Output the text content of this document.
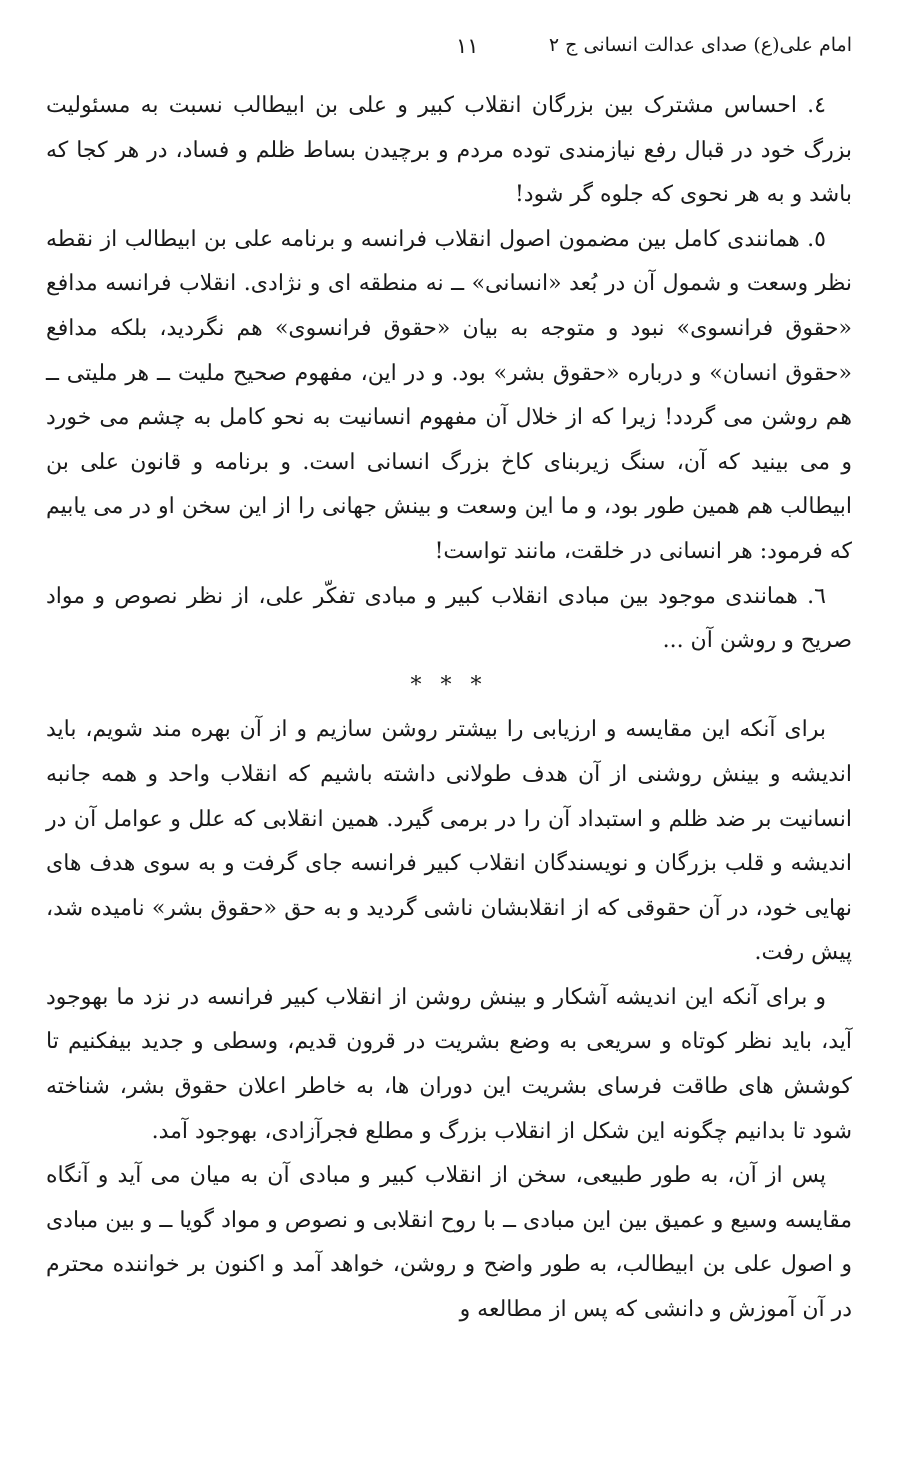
امام علی(ع) صدای عدالت انسانی ج ۲
۱۱

٤. احساس مشترک بین بزرگان انقلاب کبیر و علی بن ابیطالب نسبت به مسئولیت بزرگ خود در قبال رفع نیازمندی توده مردم و برچیدن بساط ظلم و فساد، در هر کجا که باشد و به هر نحوی که جلوه گر شود!

٥. همانندی کامل بین مضمون اصول انقلاب فرانسه و برنامه علی بن ابیطالب از نقطه نظر وسعت و شمول آن در بُعد «انسانی» ــ نه منطقه ای و نژادی. انقلاب فرانسه مدافع «حقوق فرانسوی» نبود و متوجه به بیان «حقوق فرانسوی» هم نگردید، بلکه مدافع «حقوق انسان» و درباره «حقوق بشر» بود. و در این، مفهوم صحیح ملیت ــ هر ملیتی ــ هم روشن می گردد! زیرا که از خلال آن مفهوم انسانیت به نحو کامل به چشم می خورد و می بینید که آن، سنگ زیربنای کاخ بزرگ انسانی است. و برنامه و قانون علی بن ابیطالب هم همین طور بود، و ما این وسعت و بینش جهانی را از این سخن او در می یابیم که فرمود: هر انسانی در خلقت، مانند تواست!

٦. همانندی موجود بین مبادی انقلاب کبیر و مبادی تفکّر علی، از نظر نصوص و مواد صریح و روشن آن ...

* * *

برای آنکه این مقایسه و ارزیابی را بیشتر روشن سازیم و از آن بهره مند شویم، باید اندیشه و بینش روشنی از آن هدف طولانی داشته باشیم که انقلاب واحد و همه جانبه انسانیت بر ضد ظلم و استبداد آن را در برمی گیرد. همین انقلابی که علل و عوامل آن در اندیشه و قلب بزرگان و نویسندگان انقلاب کبیر فرانسه جای گرفت و به سوی هدف های نهایی خود، در آن حقوقی که از انقلابشان ناشی گردید و به حق «حقوق بشر» نامیده شد، پیش رفت.

و برای آنکه این اندیشه آشکار و بینش روشن از انقلاب کبیر فرانسه در نزد ما بهوجود آید، باید نظر کوتاه و سریعی به وضع بشریت در قرون قدیم، وسطی و جدید بیفکنیم تا کوشش های طاقت فرسای بشریت این دوران ها، به خاطر اعلان حقوق بشر، شناخته شود تا بدانیم چگونه این شکل از انقلاب بزرگ و مطلع فجرآزادی، بهوجود آمد.

پس از آن، به طور طبیعی، سخن از انقلاب کبیر و مبادی آن به میان می آید و آنگاه مقایسه وسیع و عمیق بین این مبادی ــ با روح انقلابی و نصوص و مواد گویا ــ و بین مبادی و اصول علی بن ابیطالب، به طور واضح و روشن، خواهد آمد و اکنون بر خواننده محترم در آن آموزش و دانشی که پس از مطالعه و
